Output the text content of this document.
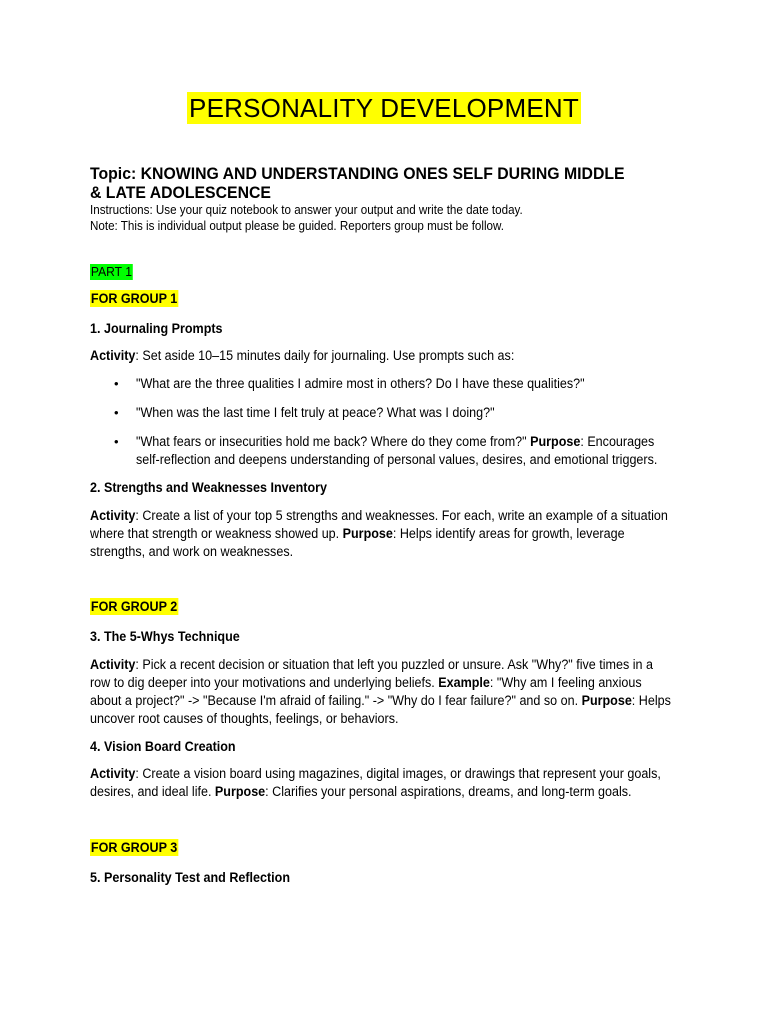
PERSONALITY DEVELOPMENT
Topic: KNOWING AND UNDERSTANDING ONES SELF DURING MIDDLE & LATE ADOLESCENCE
Instructions: Use your quiz notebook to answer your output and write the date today.
Note: This is individual output please be guided. Reporters group must be follow.
PART 1
FOR GROUP 1
1. Journaling Prompts
Activity: Set aside 10–15 minutes daily for journaling. Use prompts such as:
• "What are the three qualities I admire most in others? Do I have these qualities?"
• "When was the last time I felt truly at peace? What was I doing?"
• "What fears or insecurities hold me back? Where do they come from?" Purpose: Encourages self-reflection and deepens understanding of personal values, desires, and emotional triggers.
2. Strengths and Weaknesses Inventory
Activity: Create a list of your top 5 strengths and weaknesses. For each, write an example of a situation where that strength or weakness showed up. Purpose: Helps identify areas for growth, leverage strengths, and work on weaknesses.
FOR GROUP 2
3. The 5-Whys Technique
Activity: Pick a recent decision or situation that left you puzzled or unsure. Ask "Why?" five times in a row to dig deeper into your motivations and underlying beliefs. Example: "Why am I feeling anxious about a project?" -> "Because I'm afraid of failing." -> "Why do I fear failure?" and so on. Purpose: Helps uncover root causes of thoughts, feelings, or behaviors.
4. Vision Board Creation
Activity: Create a vision board using magazines, digital images, or drawings that represent your goals, desires, and ideal life. Purpose: Clarifies your personal aspirations, dreams, and long-term goals.
FOR GROUP 3
5. Personality Test and Reflection
